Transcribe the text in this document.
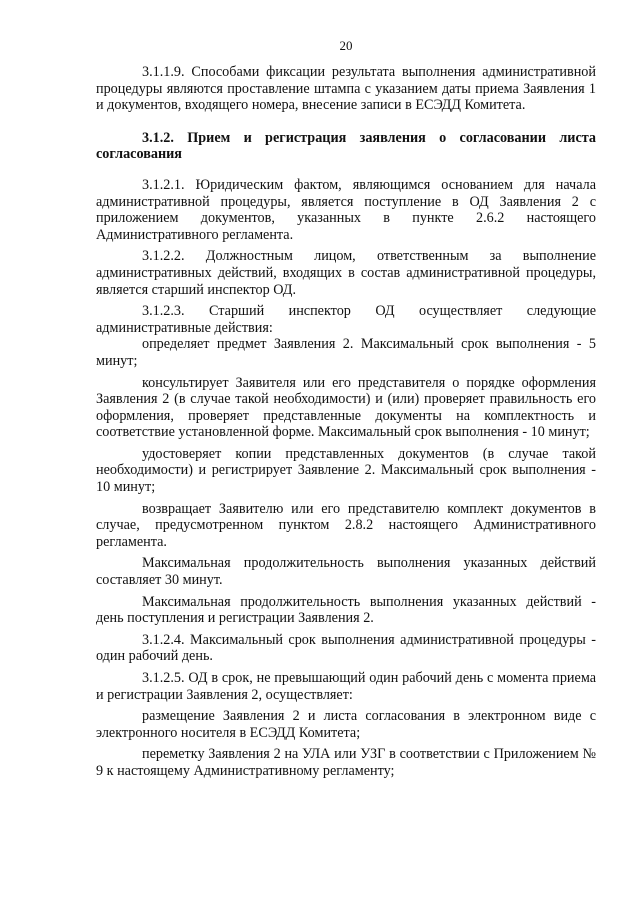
20

3.1.1.9. Способами фиксации результата выполнения административной процедуры являются проставление штампа с указанием даты приема Заявления 1 и документов, входящего номера, внесение записи в ЕСЭДД Комитета.

3.1.2. Прием и регистрация заявления о согласовании листа согласования

3.1.2.1. Юридическим фактом, являющимся основанием для начала административной процедуры, является поступление в ОД Заявления 2 с приложением документов, указанных в пункте 2.6.2 настоящего Административного регламента.

3.1.2.2. Должностным лицом, ответственным за выполнение административных действий, входящих в состав административной процедуры, является старший инспектор ОД.

3.1.2.3. Старший инспектор ОД осуществляет следующие административные действия:

определяет предмет Заявления 2. Максимальный срок выполнения - 5 минут;

консультирует Заявителя или его представителя о порядке оформления Заявления 2 (в случае такой необходимости) и (или) проверяет правильность его оформления, проверяет представленные документы на комплектность и соответствие установленной форме. Максимальный срок выполнения - 10 минут;

удостоверяет копии представленных документов (в случае такой необходимости) и регистрирует Заявление 2. Максимальный срок выполнения - 10 минут;

возвращает Заявителю или его представителю комплект документов в случае, предусмотренном пунктом 2.8.2 настоящего Административного регламента.

Максимальная продолжительность выполнения указанных действий составляет 30 минут.

Максимальная продолжительность выполнения указанных действий - день поступления и регистрации Заявления 2.

3.1.2.4. Максимальный срок выполнения административной процедуры - один рабочий день.

3.1.2.5. ОД в срок, не превышающий один рабочий день с момента приема и регистрации Заявления 2, осуществляет:

размещение Заявления 2 и листа согласования в электронном виде с электронного носителя в ЕСЭДД Комитета;

переметку Заявления 2 на УЛА или УЗГ в соответствии с Приложением № 9 к настоящему Административному регламенту;
